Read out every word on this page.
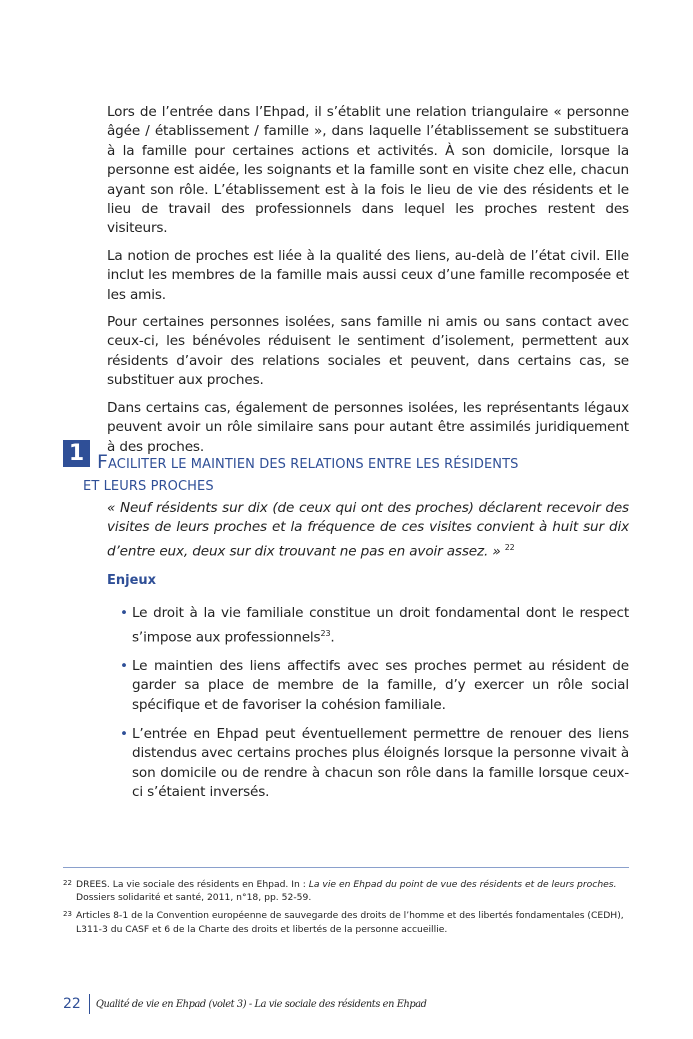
Lors de l’entrée dans l’Ehpad, il s’établit une relation triangulaire « personne âgée / établissement / famille », dans laquelle l’établissement se substituera à la famille pour certaines actions et activités. À son domicile, lorsque la personne est aidée, les soignants et la famille sont en visite chez elle, chacun ayant son rôle. L’établissement est à la fois le lieu de vie des résidents et le lieu de travail des professionnels dans lequel les proches restent des visiteurs.

La notion de proches est liée à la qualité des liens, au-delà de l’état civil. Elle inclut les membres de la famille mais aussi ceux d’une famille recomposée et les amis.

Pour certaines personnes isolées, sans famille ni amis ou sans contact avec ceux-ci, les bénévoles réduisent le sentiment d’isolement, permettent aux résidents d’avoir des relations sociales et peuvent, dans certains cas, se substituer aux proches.

Dans certains cas, également de personnes isolées, les représentants légaux peuvent avoir un rôle similaire sans pour autant être assimilés juridiquement à des proches.

1 FACILITER LE MAINTIEN DES RELATIONS ENTRE LES RÉSIDENTS
ET LEURS PROCHES

« Neuf résidents sur dix (de ceux qui ont des proches) déclarent recevoir des visites de leurs proches et la fréquence de ces visites convient à huit sur dix d’entre eux, deux sur dix trouvant ne pas en avoir assez. » $^{22}$

Enjeux
• Le droit à la vie familiale constitue un droit fondamental dont le respect s’impose aux professionnels$^{23}$.
• Le maintien des liens affectifs avec ses proches permet au résident de garder sa place de membre de la famille, d’y exercer un rôle social spécifique et de favoriser la cohésion familiale.
• L’entrée en Ehpad peut éventuellement permettre de renouer des liens distendus avec certains proches plus éloignés lorsque la personne vivait à son domicile ou de rendre à chacun son rôle dans la famille lorsque ceux-ci s’étaient inversés.

22 DREES. La vie sociale des résidents en Ehpad. In : La vie en Ehpad du point de vue des résidents et de leurs proches.
Dossiers solidarité et santé, 2011, n°18, pp. 52-59.

23 Articles 8-1 de la Convention européenne de sauvegarde des droits de l’homme et des libertés fondamentales (CEDH),
L311-3 du CASF et 6 de la Charte des droits et libertés de la personne accueillie.

22 Qualité de vie en Ehpad (volet 3) - La vie sociale des résidents en Ehpad
